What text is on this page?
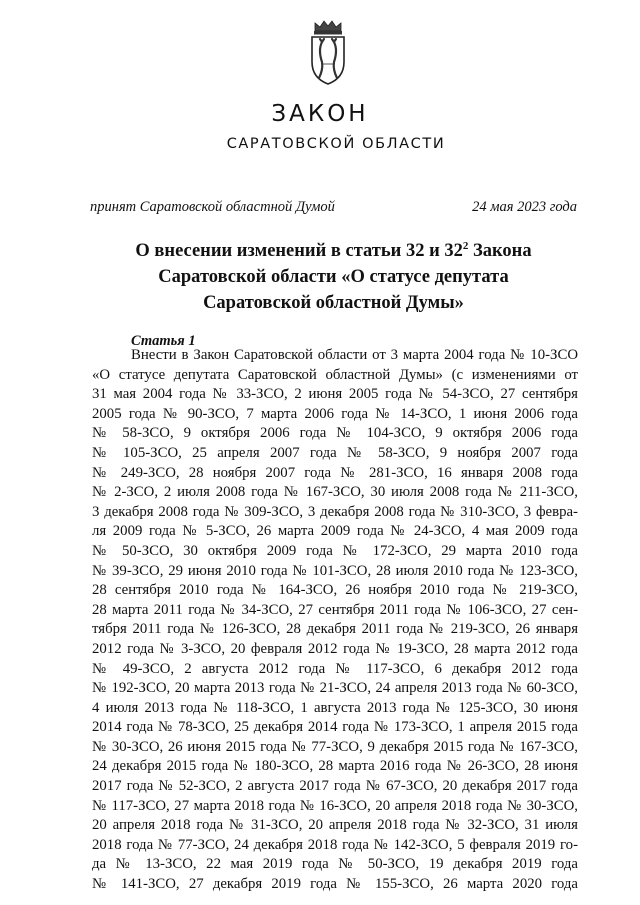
ЗАКОН
САРАТОВСКОЙ ОБЛАСТИ
принят Саратовской областной Думой	24 мая 2023 года
О внесении изменений в статьи 32 и $32^2$ Закона
Саратовской области «О статусе депутата
Саратовской областной Думы»
Статья 1
Внести в Закон Саратовской области от 3 марта 2004 года № 10-ЗСО
«О статусе депутата Саратовской областной Думы» (с изменениями от
31 мая 2004 года № 33-ЗСО, 2 июня 2005 года № 54-ЗСО, 27 сентября
2005 года № 90-ЗСО, 7 марта 2006 года № 14-ЗСО, 1 июня 2006 года
№ 58-ЗСО, 9 октября 2006 года № 104-ЗСО, 9 октября 2006 года
№ 105-ЗСО, 25 апреля 2007 года № 58-ЗСО, 9 ноября 2007 года
№ 249-ЗСО, 28 ноября 2007 года № 281-ЗСО, 16 января 2008 года
№ 2-ЗСО, 2 июля 2008 года № 167-ЗСО, 30 июля 2008 года № 211-ЗСО,
3 декабря 2008 года № 309-ЗСО, 3 декабря 2008 года № 310-ЗСО, 3 февра-
ля 2009 года № 5-ЗСО, 26 марта 2009 года № 24-ЗСО, 4 мая 2009 года
№ 50-ЗСО, 30 октября 2009 года № 172-ЗСО, 29 марта 2010 года
№ 39-ЗСО, 29 июня 2010 года № 101-ЗСО, 28 июля 2010 года № 123-ЗСО,
28 сентября 2010 года № 164-ЗСО, 26 ноября 2010 года № 219-ЗСО,
28 марта 2011 года № 34-ЗСО, 27 сентября 2011 года № 106-ЗСО, 27 сен-
тября 2011 года № 126-ЗСО, 28 декабря 2011 года № 219-ЗСО, 26 января
2012 года № 3-ЗСО, 20 февраля 2012 года № 19-ЗСО, 28 марта 2012 года
№ 49-ЗСО, 2 августа 2012 года № 117-ЗСО, 6 декабря 2012 года
№ 192-ЗСО, 20 марта 2013 года № 21-ЗСО, 24 апреля 2013 года № 60-ЗСО,
4 июля 2013 года № 118-ЗСО, 1 августа 2013 года № 125-ЗСО, 30 июня
2014 года № 78-ЗСО, 25 декабря 2014 года № 173-ЗСО, 1 апреля 2015 года
№ 30-ЗСО, 26 июня 2015 года № 77-ЗСО, 9 декабря 2015 года № 167-ЗСО,
24 декабря 2015 года № 180-ЗСО, 28 марта 2016 года № 26-ЗСО, 28 июня
2017 года № 52-ЗСО, 2 августа 2017 года № 67-ЗСО, 20 декабря 2017 года
№ 117-ЗСО, 27 марта 2018 года № 16-ЗСО, 20 апреля 2018 года № 30-ЗСО,
20 апреля 2018 года № 31-ЗСО, 20 апреля 2018 года № 32-ЗСО, 31 июля
2018 года № 77-ЗСО, 24 декабря 2018 года № 142-ЗСО, 5 февраля 2019 го-
да № 13-ЗСО, 22 мая 2019 года № 50-ЗСО, 19 декабря 2019 года
№ 141-ЗСО, 27 декабря 2019 года № 155-ЗСО, 26 марта 2020 года
